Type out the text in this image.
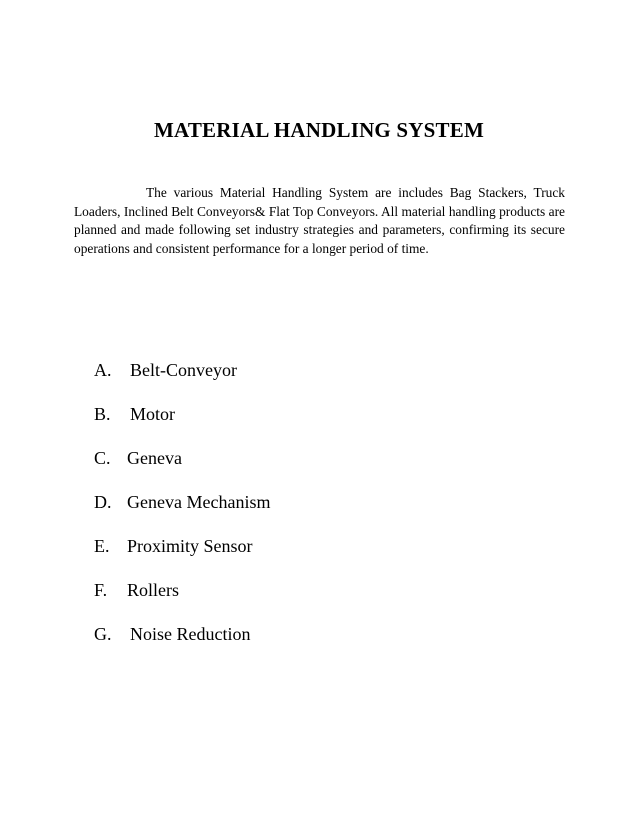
MATERIAL HANDLING SYSTEM

The various Material Handling System are includes Bag Stackers, Truck Loaders, Inclined Belt Conveyors& Flat Top Conveyors. All material handling products are planned and made following set industry strategies and parameters, confirming its secure operations and consistent performance for a longer period of time.

A.	Belt-Conveyor
B.	Motor
C. Geneva
D. Geneva Mechanism
E. Proximity Sensor
F.	Rollers
G.	Noise Reduction
